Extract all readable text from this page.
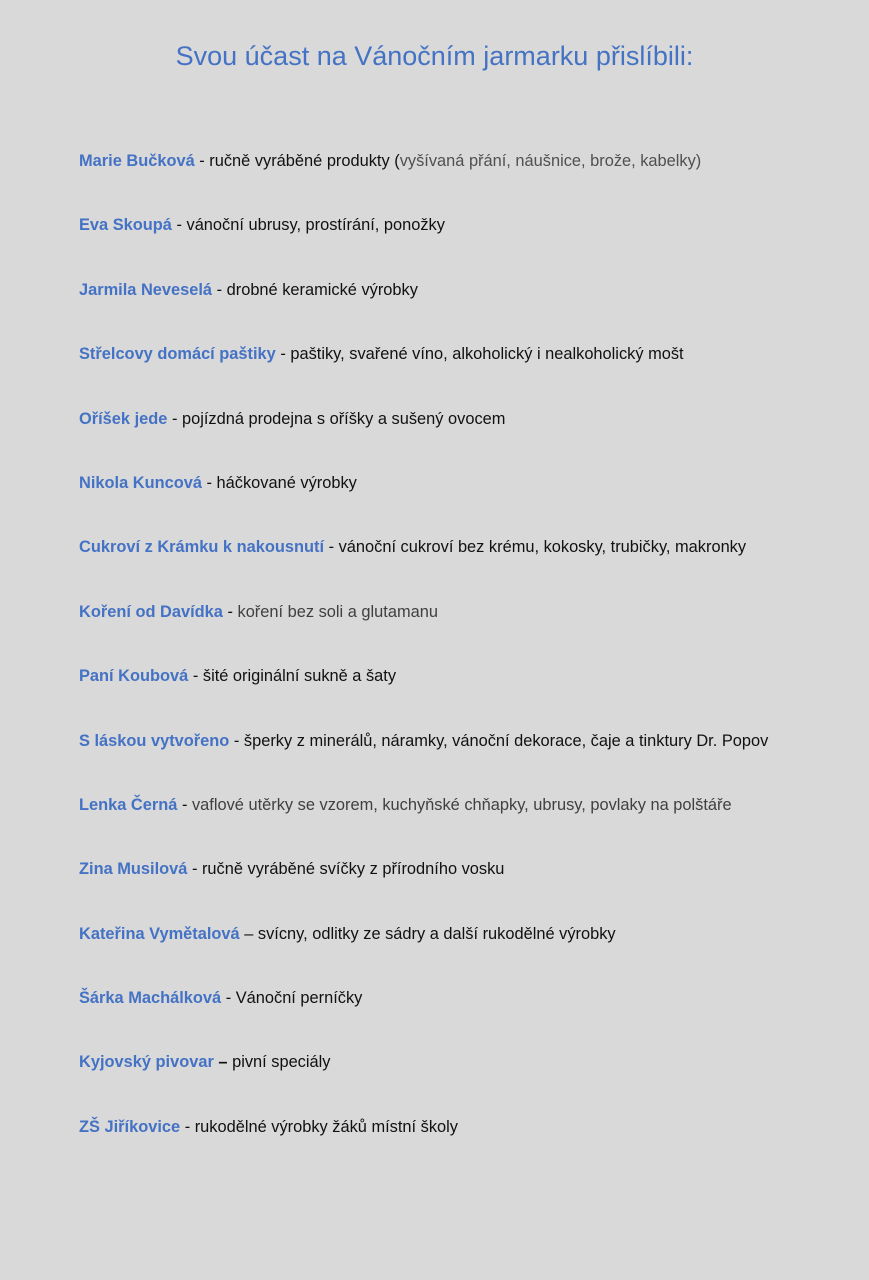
Svou účast na Vánočním jarmarku přislíbili:
Marie Bučková - ručně vyráběné produkty (vyšívaná přání, náušnice, brože, kabelky)
Eva Skoupá - vánoční ubrusy, prostírání, ponožky
Jarmila Neveselá - drobné keramické výrobky
Střelcovy domácí paštiky - paštiky, svařené víno, alkoholický i nealkoholický mošt
Oříšek jede - pojízdná prodejna s oříšky a sušený ovocem
Nikola Kuncová - háčkované výrobky
Cukroví z Krámku k nakousnutí - vánoční cukroví bez krému, kokosky, trubičky, makronky
Koření od Davídka - koření bez soli a glutamanu
Paní Koubová - šité originální sukně a šaty
S láskou vytvořeno - šperky z minerálů, náramky, vánoční dekorace, čaje a tinktury Dr. Popov
Lenka Černá - vaflové utěrky se vzorem, kuchyňské chňapky, ubrusy, povlaky na polštáře
Zina Musilová - ručně vyráběné svíčky z přírodního vosku
Kateřina Vymětalová – svícny, odlitky ze sádry a další rukodělné výrobky
Šárka Machálková - Vánoční perníčky
Kyjovský pivovar – pivní speciály
ZŠ Jiříkovice - rukodělné výrobky žáků místní školy
